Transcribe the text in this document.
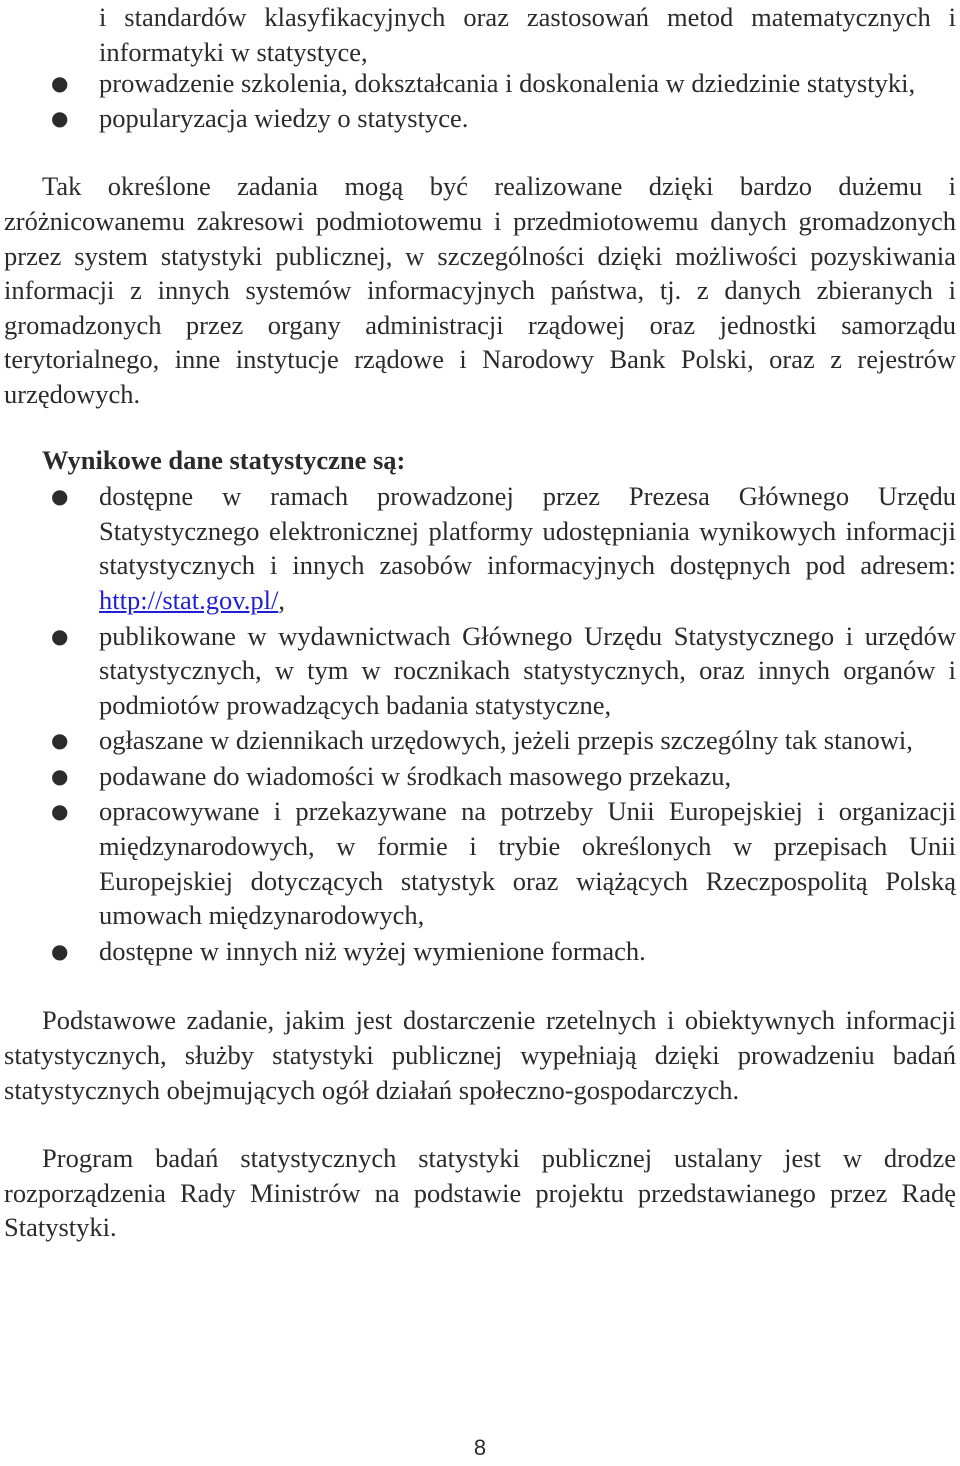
i standardów klasyfikacyjnych oraz zastosowań metod matematycznych i informatyki w statystyce,
● prowadzenie szkolenia, dokształcania i doskonalenia w dziedzinie statystyki,
● popularyzacja wiedzy o statystyce.

Tak określone zadania mogą być realizowane dzięki bardzo dużemu i zróżnicowanemu zakresowi podmiotowemu i przedmiotowemu danych gromadzonych przez system statystyki publicznej, w szczególności dzięki możliwości pozyskiwania informacji z innych systemów informacyjnych państwa, tj. z danych zbieranych i gromadzonych przez organy administracji rządowej oraz jednostki samorządu terytorialnego, inne instytucje rządowe i Narodowy Bank Polski, oraz z rejestrów urzędowych.

Wynikowe dane statystyczne są:
● dostępne w ramach prowadzonej przez Prezesa Głównego Urzędu Statystycznego elektronicznej platformy udostępniania wynikowych informacji statystycznych i innych zasobów informacyjnych dostępnych pod adresem: http://stat.gov.pl/,
● publikowane w wydawnictwach Głównego Urzędu Statystycznego i urzędów statystycznych, w tym w rocznikach statystycznych, oraz innych organów i podmiotów prowadzących badania statystyczne,
● ogłaszane w dziennikach urzędowych, jeżeli przepis szczególny tak stanowi,
● podawane do wiadomości w środkach masowego przekazu,
● opracowywane i przekazywane na potrzeby Unii Europejskiej i organizacji międzynarodowych, w formie i trybie określonych w przepisach Unii Europejskiej dotyczących statystyk oraz wiążących Rzeczpospolitą Polską umowach międzynarodowych,
● dostępne w innych niż wyżej wymienione formach.

Podstawowe zadanie, jakim jest dostarczenie rzetelnych i obiektywnych informacji statystycznych, służby statystyki publicznej wypełniają dzięki prowadzeniu badań statystycznych obejmujących ogół działań społeczno-gospodarczych.

Program badań statystycznych statystyki publicznej ustalany jest w drodze rozporządzenia Rady Ministrów na podstawie projektu przedstawianego przez Radę Statystyki.

8
